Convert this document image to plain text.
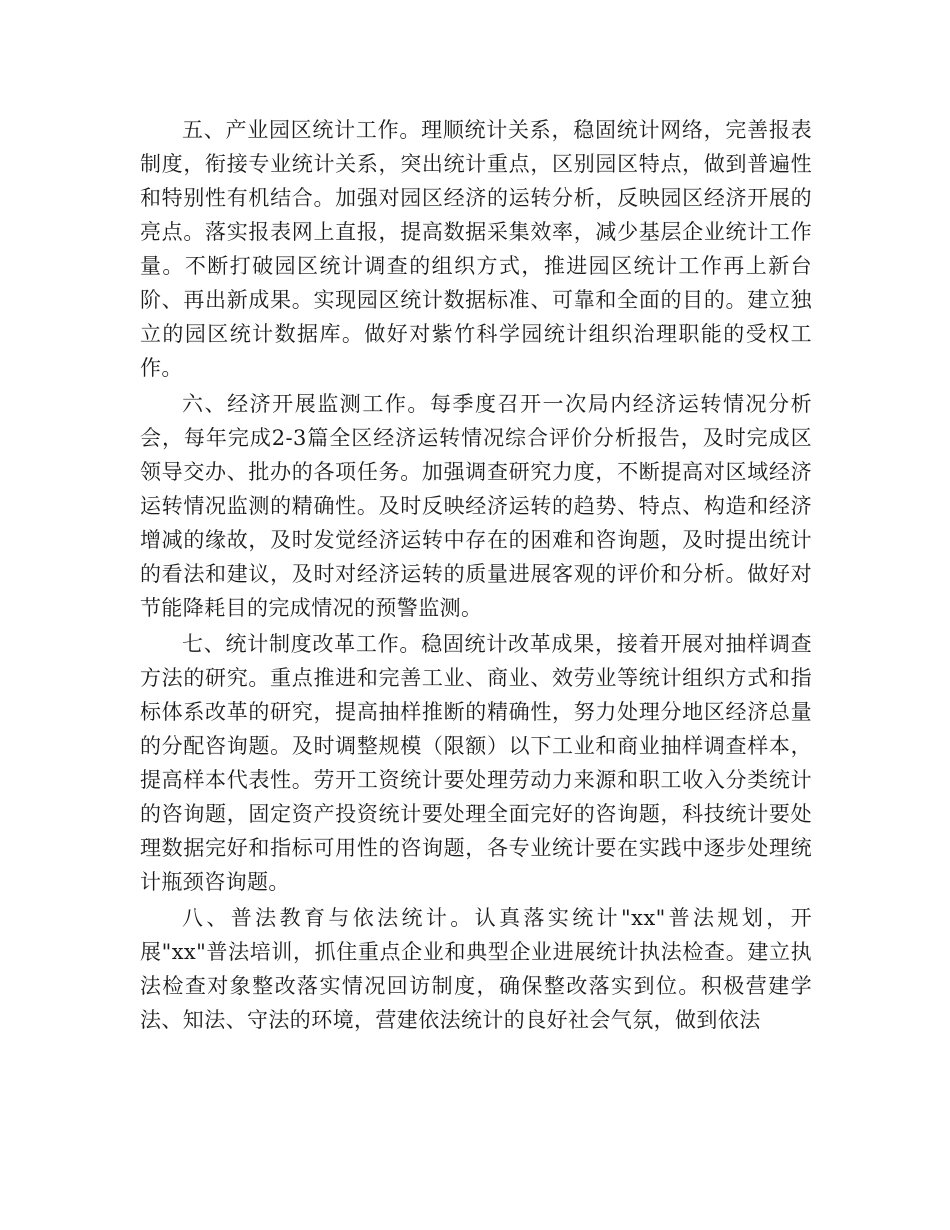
五、产业园区统计工作。理顺统计关系，稳固统计网络，完善报表制度，衔接专业统计关系，突出统计重点，区别园区特点，做到普遍性和特别性有机结合。加强对园区经济的运转分析，反映园区经济开展的亮点。落实报表网上直报，提高数据采集效率，减少基层企业统计工作量。不断打破园区统计调查的组织方式，推进园区统计工作再上新台阶、再出新成果。实现园区统计数据标准、可靠和全面的目的。建立独立的园区统计数据库。做好对紫竹科学园统计组织治理职能的受权工作。

六、经济开展监测工作。每季度召开一次局内经济运转情况分析会，每年完成2-3篇全区经济运转情况综合评价分析报告，及时完成区领导交办、批办的各项任务。加强调查研究力度，不断提高对区域经济运转情况监测的精确性。及时反映经济运转的趋势、特点、构造和经济增减的缘故，及时发觉经济运转中存在的困难和咨询题，及时提出统计的看法和建议，及时对经济运转的质量进展客观的评价和分析。做好对节能降耗目的完成情况的预警监测。

七、统计制度改革工作。稳固统计改革成果，接着开展对抽样调查方法的研究。重点推进和完善工业、商业、效劳业等统计组织方式和指标体系改革的研究，提高抽样推断的精确性，努力处理分地区经济总量的分配咨询题。及时调整规模（限额）以下工业和商业抽样调查样本，提高样本代表性。劳开工资统计要处理劳动力来源和职工收入分类统计的咨询题，固定资产投资统计要处理全面完好的咨询题，科技统计要处理数据完好和指标可用性的咨询题，各专业统计要在实践中逐步处理统计瓶颈咨询题。

八、普法教育与依法统计。认真落实统计"xx"普法规划，开展"xx"普法培训，抓住重点企业和典型企业进展统计执法检查。建立执法检查对象整改落实情况回访制度，确保整改落实到位。积极营建学法、知法、守法的环境，营建依法统计的良好社会气氛，做到依法
